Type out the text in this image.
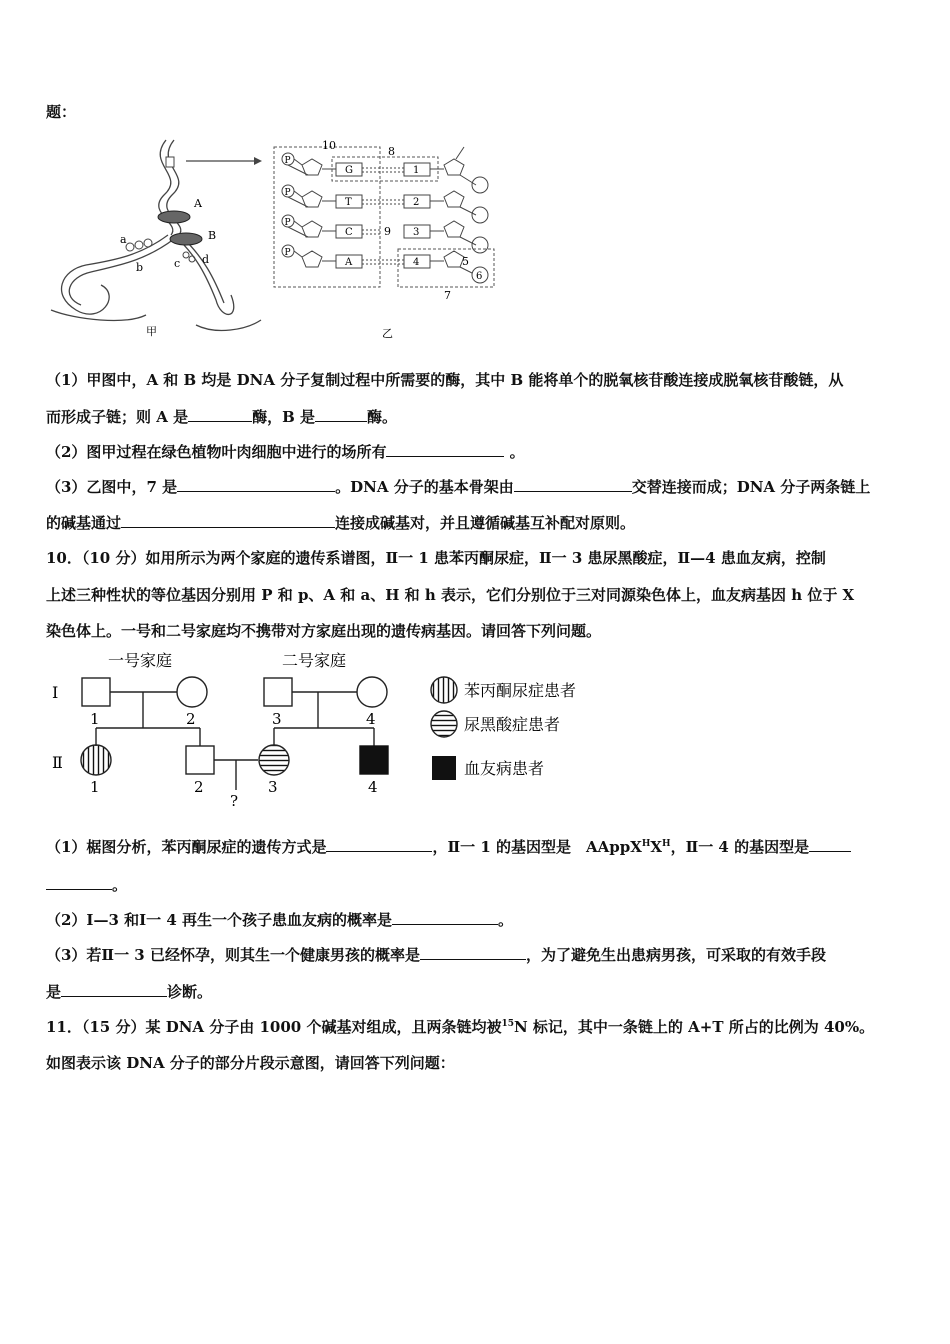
题：
A
B
a
b	c d
甲
10
P
P
P
P
G
T
C
A
8
9
1
2
3
4	5
6
7
乙
（1）甲图中，A 和 B 均是 DNA 分子复制过程中所需要的酶，其中 B 能将单个的脱氧核苷酸连接成脱氧核苷酸链，从
而形成子链；则 A 是	酶，B 是	酶。
（2）图甲过程在绿色植物叶肉细胞中进行的场所有	。
（3）乙图中，7 是	。DNA 分子的基本骨架由	交替连接而成；DNA 分子两条链上
的碱基通过	连接成碱基对，并且遵循碱基互补配对原则。
10．（10 分）如用所示为两个家庭的遗传系谱图，Ⅱ一 1 患苯丙酮尿症，Ⅱ一 3 患尿黑酸症，Ⅱ—4 患血友病，控制
上述三种性状的等位基因分别用 P 和 p、A 和 a、H 和 h 表示，它们分别位于三对同源染色体上，血友病基因 h 位于 X
染色体上。一号和二号家庭均不携带对方家庭出现的遗传病基因。请回答下列问题。
一号家庭	二号家庭
Ⅰ
Ⅱ
1	2	3	4
1	2	3	4
?
苯丙酮尿症患者
尿黑酸症患者
血友病患者
（1）椐图分析，苯丙酮尿症的遗传方式是	，Ⅱ一 1 的基因型是　$AAppX^HX^H$，Ⅱ一 4 的基因型是
。
（2）Ⅰ—3 和Ⅰ一 4 再生一个孩子患血友病的概率是	。
（3）若Ⅱ一 3 已经怀孕，则其生一个健康男孩的概率是	，为了避免生出患病男孩，可采取的有效手段
是	诊断。
11．（15 分）某 DNA 分子由 1000 个碱基对组成，且两条链均被$^{15}$N 标记，其中一条链上的 A+T 所占的比例为 40%。
如图表示该 DNA 分子的部分片段示意图，请回答下列问题：
